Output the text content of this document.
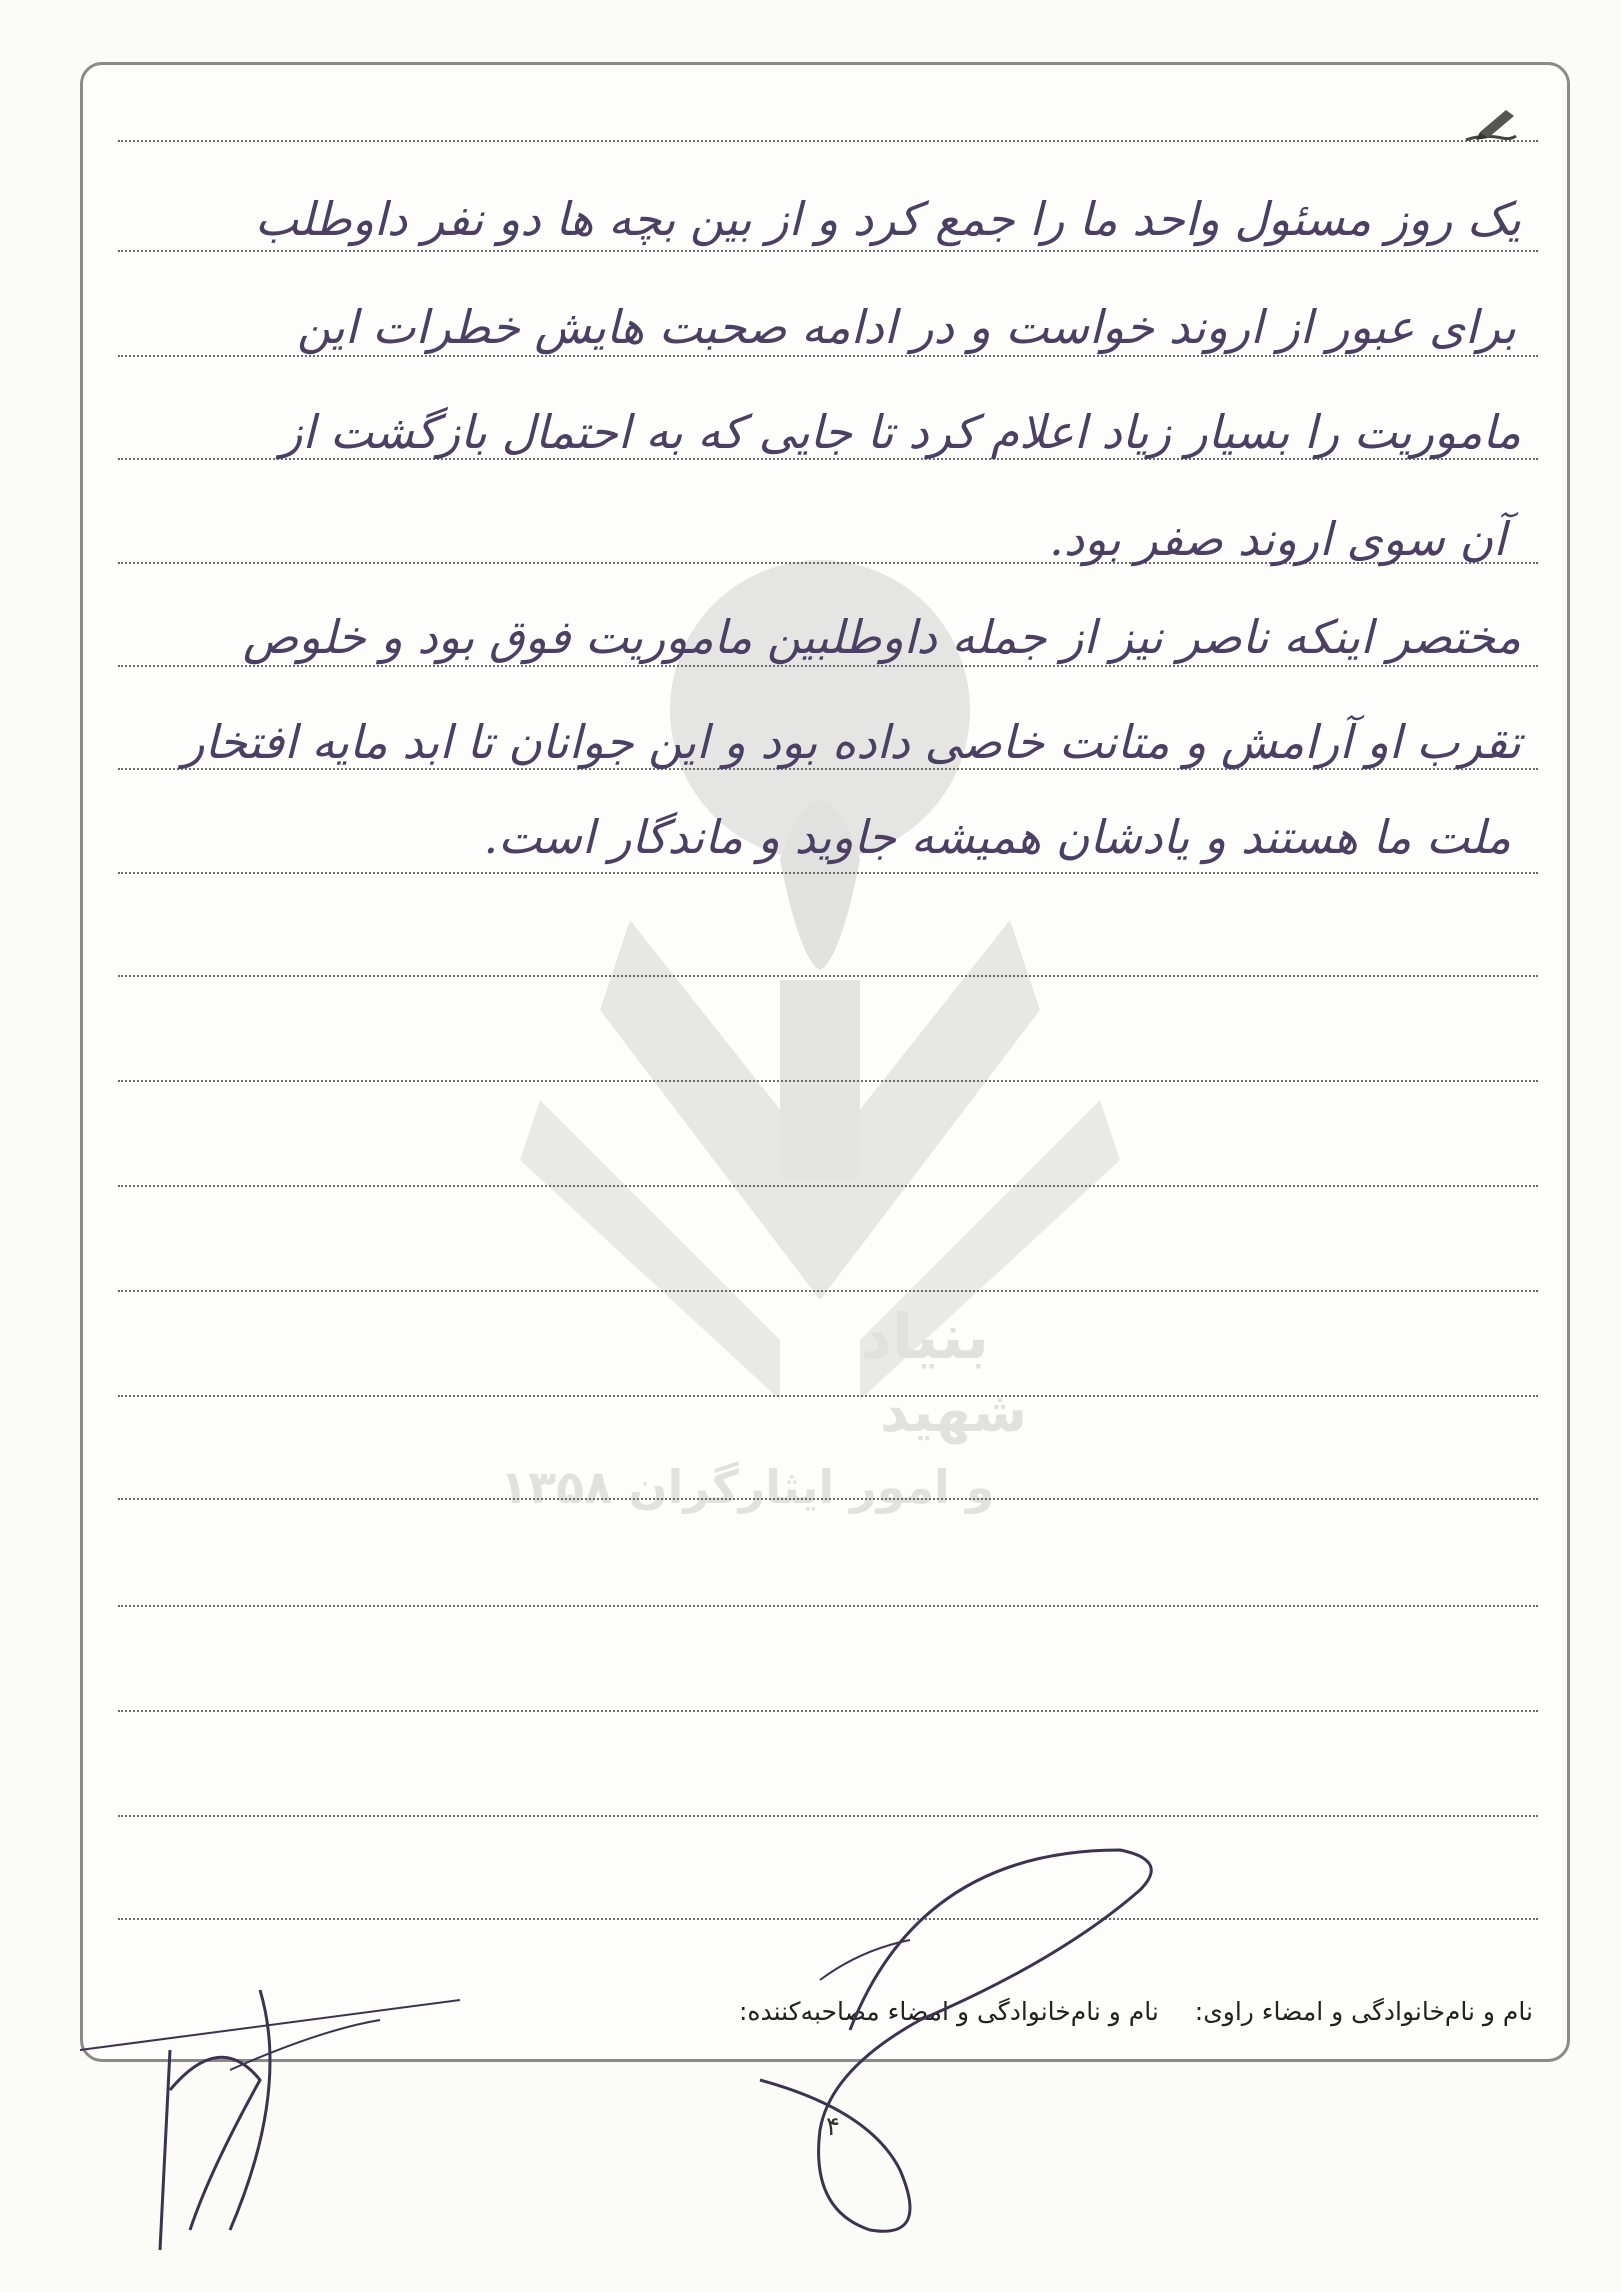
بنیاد
شهید
و امور ایثارگران ۱۳۵۸
یک روز مسئول واحد ما را جمع کرد و از بین بچه ها دو نفر داوطلب
برای عبور از اروند خواست و در ادامه صحبت هایش خطرات این
ماموریت را بسیار زیاد اعلام کرد تا جایی که به احتمال بازگشت از
آن سوی اروند صفر بود.
مختصر اینکه ناصر نیز از جمله داوطلبین ماموریت فوق بود و خلوص
تقرب او آرامش و متانت خاصی داده بود و این جوانان تا ابد مایه افتخار
ملت ما هستند و یادشان همیشه جاوید و ماندگار است.
نام و نام‌خانوادگی و امضاء راوی: نام و نام‌خانوادگی و امضاء مصاحبه‌کننده:
۴
